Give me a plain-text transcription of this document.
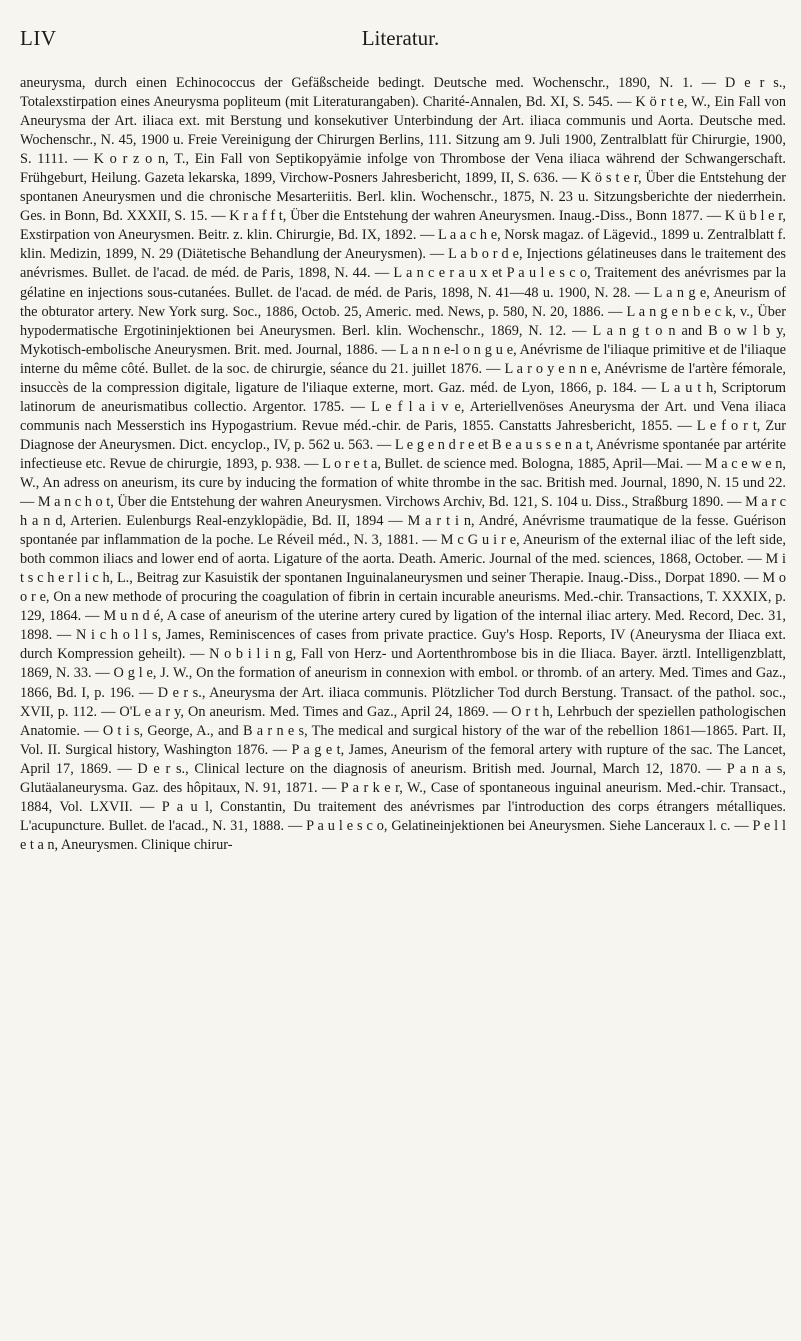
LIV	Literatur.

aneurysma, durch einen Echinococcus der Gefäßscheide bedingt. Deutsche med. Wochenschr., 1890, N. 1. — D e r s., Totalexstirpation eines Aneurysma popliteum (mit Literaturangaben). Charité-Annalen, Bd. XI, S. 545. — K ö r t e, W., Ein Fall von Aneurysma der Art. iliaca ext. mit Berstung und konsekutiver Unterbindung der Art. iliaca communis und Aorta. Deutsche med. Wochenschr., N. 45, 1900 u. Freie Vereinigung der Chirurgen Berlins, 111. Sitzung am 9. Juli 1900, Zentralblatt für Chirurgie, 1900, S. 1111. — K o r z o n, T., Ein Fall von Septikopyämie infolge von Thrombose der Vena iliaca während der Schwangerschaft. Frühgeburt, Heilung. Gazeta lekarska, 1899, Virchow-Posners Jahresbericht, 1899, II, S. 636. — K ö s t e r, Über die Entstehung der spontanen Aneurysmen und die chronische Mesarteriitis. Berl. klin. Wochenschr., 1875, N. 23 u. Sitzungsberichte der niederrhein. Ges. in Bonn, Bd. XXXII, S. 15. — K r a f f t, Über die Entstehung der wahren Aneurysmen. Inaug.-Diss., Bonn 1877. — K ü b l e r, Exstirpation von Aneurysmen. Beitr. z. klin. Chirurgie, Bd. IX, 1892. — L a a c h e, Norsk magaz. of Lägevid., 1899 u. Zentralblatt f. klin. Medizin, 1899, N. 29 (Diätetische Behandlung der Aneurysmen). — L a b o r d e, Injections gélatineuses dans le traitement des anévrismes. Bullet. de l'acad. de méd. de Paris, 1898, N. 44. — L a n c e r a u x et P a u l e s c o, Traitement des anévrismes par la gélatine en injections sous-cutanées. Bullet. de l'acad. de méd. de Paris, 1898, N. 41—48 u. 1900, N. 28. — L a n g e, Aneurism of the obturator artery. New York surg. Soc., 1886, Octob. 25, Americ. med. News, p. 580, N. 20, 1886. — L a n g e n b e c k, v., Über hypodermatische Ergotininjektionen bei Aneurysmen. Berl. klin. Wochenschr., 1869, N. 12. — L a n g t o n and B o w l b y, Mykotisch-embolische Aneurysmen. Brit. med. Journal, 1886. — L a n n e-l o n g u e, Anévrisme de l'iliaque primitive et de l'iliaque interne du même côté. Bullet. de la soc. de chirurgie, séance du 21. juillet 1876. — L a r o y e n n e, Anévrisme de l'artère fémorale, insuccès de la compression digitale, ligature de l'iliaque externe, mort. Gaz. méd. de Lyon, 1866, p. 184. — L a u t h, Scriptorum latinorum de aneurismatibus collectio. Argentor. 1785. — L e f l a i v e, Arteriellvenöses Aneurysma der Art. und Vena iliaca communis nach Messerstich ins Hypogastrium. Revue méd.-chir. de Paris, 1855. Canstatts Jahresbericht, 1855. — L e f o r t, Zur Diagnose der Aneurysmen. Dict. encyclop., IV, p. 562 u. 563. — L e g e n d r e et B e a u s s e n a t, Anévrisme spontanée par artérite infectieuse etc. Revue de chirurgie, 1893, p. 938. — L o r e t a, Bullet. de science med. Bologna, 1885, April—Mai. — M a c e w e n, W., An adress on aneurism, its cure by inducing the formation of white thrombe in the sac. British med. Journal, 1890, N. 15 und 22. — M a n c h o t, Über die Entstehung der wahren Aneurysmen. Virchows Archiv, Bd. 121, S. 104 u. Diss., Straßburg 1890. — M a r c h a n d, Arterien. Eulenburgs Real-enzyklopädie, Bd. II, 1894 — M a r t i n, André, Anévrisme traumatique de la fesse. Guérison spontanée par inflammation de la poche. Le Réveil méd., N. 3, 1881. — M c G u i r e, Aneurism of the external iliac of the left side, both common iliacs and lower end of aorta. Ligature of the aorta. Death. Americ. Journal of the med. sciences, 1868, October. — M i t s c h e r l i c h, L., Beitrag zur Kasuistik der spontanen Inguinalaneurysmen und seiner Therapie. Inaug.-Diss., Dorpat 1890. — M o o r e, On a new methode of procuring the coagulation of fibrin in certain incurable aneurisms. Med.-chir. Transactions, T. XXXIX, p. 129, 1864. — M u n d é, A case of aneurism of the uterine artery cured by ligation of the internal iliac artery. Med. Record, Dec. 31, 1898. — N i c h o l l s, James, Reminiscences of cases from private practice. Guy's Hosp. Reports, IV (Aneurysma der Iliaca ext. durch Kompression geheilt). — N o b i l i n g, Fall von Herz- und Aortenthrombose bis in die Iliaca. Bayer. ärztl. Intelligenzblatt, 1869, N. 33. — O g l e, J. W., On the formation of aneurism in connexion with embol. or thromb. of an artery. Med. Times and Gaz., 1866, Bd. I, p. 196. — D e r s., Aneurysma der Art. iliaca communis. Plötzlicher Tod durch Berstung. Transact. of the pathol. soc., XVII, p. 112. — O'L e a r y, On aneurism. Med. Times and Gaz., April 24, 1869. — O r t h, Lehrbuch der speziellen pathologischen Anatomie. — O t i s, George, A., and B a r n e s, The medical and surgical history of the war of the rebellion 1861—1865. Part. II, Vol. II. Surgical history, Washington 1876. — P a g e t, James, Aneurism of the femoral artery with rupture of the sac. The Lancet, April 17, 1869. — D e r s., Clinical lecture on the diagnosis of aneurism. British med. Journal, March 12, 1870. — P a n a s, Glutäalaneurysma. Gaz. des hôpitaux, N. 91, 1871. — P a r k e r, W., Case of spontaneous inguinal aneurism. Med.-chir. Transact., 1884, Vol. LXVII. — P a u l, Constantin, Du traitement des anévrismes par l'introduction des corps étrangers métalliques. L'acupuncture. Bullet. de l'acad., N. 31, 1888. — P a u l e s c o, Gelatineinjektionen bei Aneurysmen. Siehe Lanceraux l. c. — P e l l e t a n, Aneurysmen. Clinique chirur-
